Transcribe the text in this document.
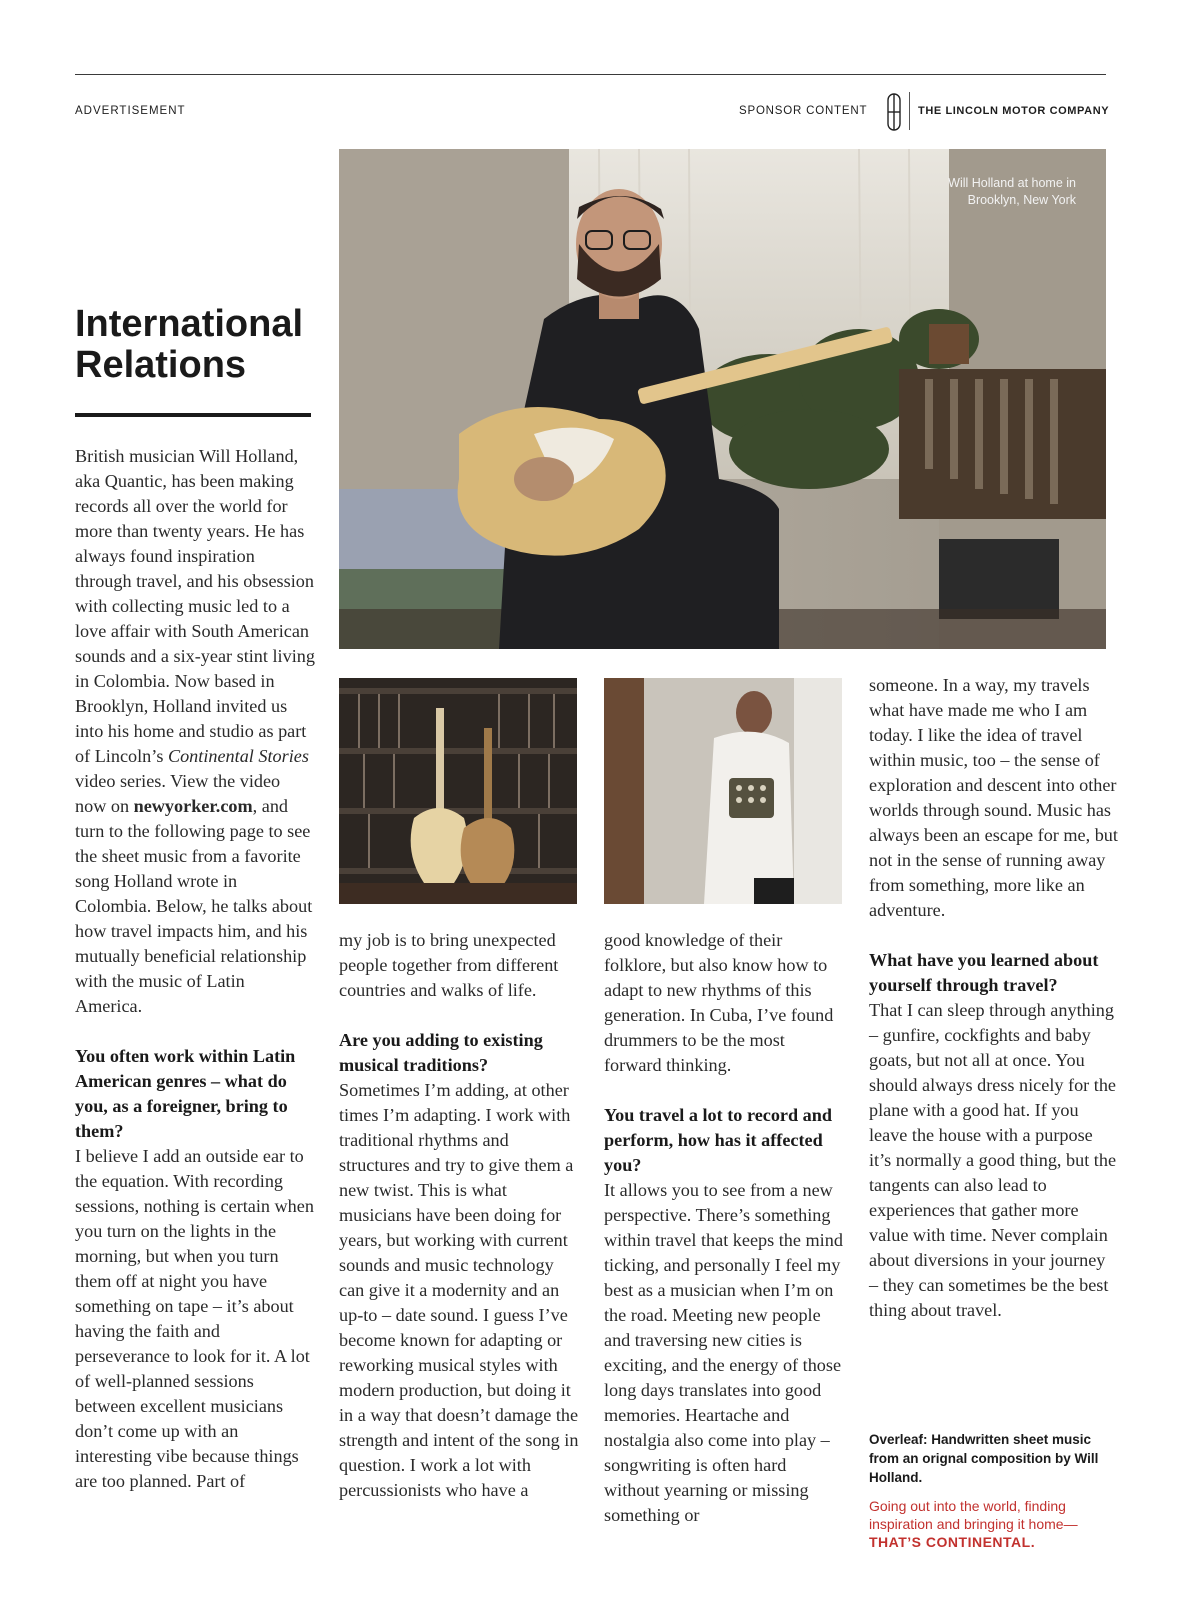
ADVERTISEMENT	SPONSOR CONTENT	THE LINCOLN MOTOR COMPANY
International
Relations
Will Holland at home in Brooklyn, New York

British musician Will Holland, aka Quantic, has been making records all over the world for more than twenty years. He has always found inspiration through travel, and his obsession with collecting music led to a love affair with South American sounds and a six-year stint living in Colombia. Now based in Brooklyn, Holland invited us into his home and studio as part of Lincoln’s Continental Stories video series. View the video now on newyorker.com, and turn to the following page to see the sheet music from a favorite song Holland wrote in Colombia. Below, he talks about how travel impacts him, and his mutually beneficial relationship with the music of Latin America.

You often work within Latin American genres – what do you, as a foreigner, bring to them?
I believe I add an outside ear to the equation. With recording sessions, nothing is certain when you turn on the lights in the morning, but when you turn them off at night you have something on tape – it’s about having the faith and perseverance to look for it. A lot of well-planned sessions between excellent musicians don’t come up with an interesting vibe because things are too planned. Part of

my job is to bring unexpected people together from different countries and walks of life.

Are you adding to existing musical traditions?
Sometimes I’m adding, at other times I’m adapting. I work with traditional rhythms and structures and try to give them a new twist. This is what musicians have been doing for years, but working with current sounds and music technology can give it a modernity and an up-to – date sound. I guess I’ve become known for adapting or reworking musical styles with modern production, but doing it in a way that doesn’t damage the strength and intent of the song in question. I work a lot with percussionists who have a

good knowledge of their folklore, but also know how to adapt to new rhythms of this generation. In Cuba, I’ve found drummers to be the most forward thinking.

You travel a lot to record and perform, how has it affected you?
It allows you to see from a new perspective. There’s something within travel that keeps the mind ticking, and personally I feel my best as a musician when I’m on the road. Meeting new people and traversing new cities is exciting, and the energy of those long days translates into good memories. Heartache and nostalgia also come into play – songwriting is often hard without yearning or missing something or

someone. In a way, my travels what have made me who I am today. I like the idea of travel within music, too – the sense of exploration and descent into other worlds through sound. Music has always been an escape for me, but not in the sense of running away from something, more like an adventure.

What have you learned about yourself through travel?
That I can sleep through anything – gunfire, cockfights and baby goats, but not all at once. You should always dress nicely for the plane with a good hat. If you leave the house with a purpose it’s normally a good thing, but the tangents can also lead to experiences that gather more value with time. Never complain about diversions in your journey – they can sometimes be the best thing about travel.
Overleaf: Handwritten sheet music from an orignal composition by Will Holland.
Going out into the world, finding inspiration and bringing it home—
THAT’S CONTINENTAL.
